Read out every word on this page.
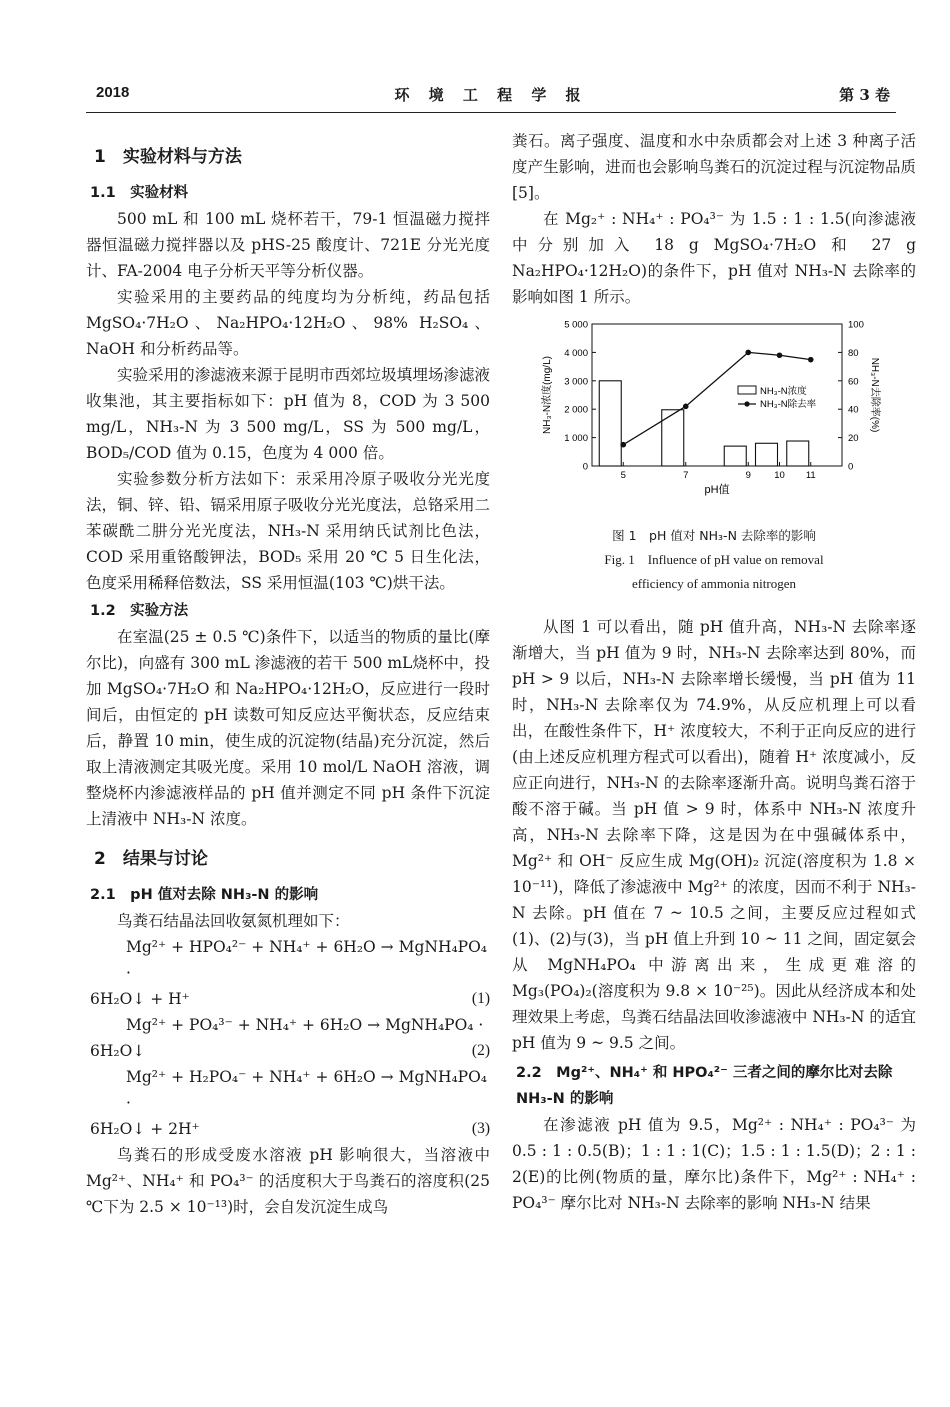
2018	环 境 工 程 学 报	第 3 卷
1　实验材料与方法
1.1　实验材料

500 mL 和 100 mL 烧杯若干，79-1 恒温磁力搅拌器恒温磁力搅拌器以及 pHS-25 酸度计、721E 分光光度计、FA-2004 电子分析天平等分析仪器。

实验采用的主要药品的纯度均为分析纯，药品包括 MgSO₄·7H₂O、Na₂HPO₄·12H₂O、98% H₂SO₄、NaOH 和分析药品等。

实验采用的渗滤液来源于昆明市西郊垃圾填埋场渗滤液收集池，其主要指标如下：pH 值为 8，COD 为 3 500 mg/L，NH₃-N 为 3 500 mg/L，SS 为 500 mg/L，BOD₅/COD 值为 0.15，色度为 4 000 倍。

实验参数分析方法如下：汞采用冷原子吸收分光光度法，铜、锌、铅、镉采用原子吸收分光光度法，总铬采用二苯碳酰二肼分光光度法，NH₃-N 采用纳氏试剂比色法，COD 采用重铬酸钾法，BOD₅ 采用 20 ℃ 5 日生化法，色度采用稀释倍数法，SS 采用恒温(103 ℃)烘干法。

1.2　实验方法

在室温(25 ± 0.5 ℃)条件下，以适当的物质的量比(摩尔比)，向盛有 300 mL 渗滤液的若干 500 mL烧杯中，投加 MgSO₄·7H₂O 和 Na₂HPO₄·12H₂O，反应进行一段时间后，由恒定的 pH 读数可知反应达平衡状态，反应结束后，静置 10 min，使生成的沉淀物(结晶)充分沉淀，然后取上清液测定其吸光度。采用 10 mol/L NaOH 溶液，调整烧杯内渗滤液样品的 pH 值并测定不同 pH 条件下沉淀上清液中 NH₃-N 浓度。

2　结果与讨论
2.1　pH 值对去除 NH₃-N 的影响

鸟粪石结晶法回收氨氮机理如下：

Mg²⁺ + HPO₄²⁻ + NH₄⁺ + 6H₂O → MgNH₄PO₄ ·
6H₂O↓ + H⁺	(1)
Mg²⁺ + PO₄³⁻ + NH₄⁺ + 6H₂O → MgNH₄PO₄ ·
6H₂O↓	(2)
Mg²⁺ + H₂PO₄⁻ + NH₄⁺ + 6H₂O → MgNH₄PO₄ ·
6H₂O↓ + 2H⁺	(3)

鸟粪石的形成受废水溶液 pH 影响很大，当溶液中 Mg²⁺、NH₄⁺ 和 PO₄³⁻ 的活度积大于鸟粪石的溶度积(25 ℃下为 2.5 × 10⁻¹³)时，会自发沉淀生成鸟

粪石。离子强度、温度和水中杂质都会对上述 3 种离子活度产生影响，进而也会影响鸟粪石的沉淀过程与沉淀物品质[5]。

在 Mg₂⁺ : NH₄⁺ : PO₄³⁻ 为 1.5 : 1 : 1.5(向渗滤液中分别加入 18 g MgSO₄·7H₂O 和 27 g Na₂HPO₄·12H₂O)的条件下，pH 值对 NH₃-N 去除率的影响如图 1 所示。

0
1 000
2 000
3 000
4 000
5 000
0
20
40
60
80
100
5	7	9 10 11
pH值
NH₃-N浓度(mg/L)	NH₃-N去除率(%)
NH₃-N浓度
NH₃-N除去率
图 1　pH 值对 NH₃-N 去除率的影响
Fig. 1　Influence of pH value on removal
efficiency of ammonia nitrogen

从图 1 可以看出，随 pH 值升高，NH₃-N 去除率逐渐增大，当 pH 值为 9 时，NH₃-N 去除率达到 80%，而 pH > 9 以后，NH₃-N 去除率增长缓慢，当 pH 值为 11 时，NH₃-N 去除率仅为 74.9%，从反应机理上可以看出，在酸性条件下，H⁺ 浓度较大，不利于正向反应的进行(由上述反应机理方程式可以看出)，随着 H⁺ 浓度减小，反应正向进行，NH₃-N 的去除率逐渐升高。说明鸟粪石溶于酸不溶于碱。当 pH 值 > 9 时，体系中 NH₃-N 浓度升高，NH₃-N 去除率下降，这是因为在中强碱体系中，Mg²⁺ 和 OH⁻ 反应生成 Mg(OH)₂ 沉淀(溶度积为 1.8 × 10⁻¹¹)，降低了渗滤液中 Mg²⁺ 的浓度，因而不利于 NH₃-N 去除。pH 值在 7 ~ 10.5 之间，主要反应过程如式(1)、(2)与(3)，当 pH 值上升到 10 ~ 11 之间，固定氨会从 MgNH₄PO₄ 中游离出来，生成更难溶的 Mg₃(PO₄)₂(溶度积为 9.8 × 10⁻²⁵)。因此从经济成本和处理效果上考虑，鸟粪石结晶法回收渗滤液中 NH₃-N 的适宜 pH 值为 9 ~ 9.5 之间。

2.2　Mg²⁺、NH₄⁺ 和 HPO₄²⁻ 三者之间的摩尔比对去除 NH₃-N 的影响

在渗滤液 pH 值为 9.5，Mg²⁺ : NH₄⁺ : PO₄³⁻ 为 0.5 : 1 : 0.5(B)；1 : 1 : 1(C)；1.5 : 1 : 1.5(D)；2 : 1 : 2(E)的比例(物质的量，摩尔比)条件下，Mg²⁺ : NH₄⁺ : PO₄³⁻ 摩尔比对 NH₃-N 去除率的影响 NH₃-N 结果
